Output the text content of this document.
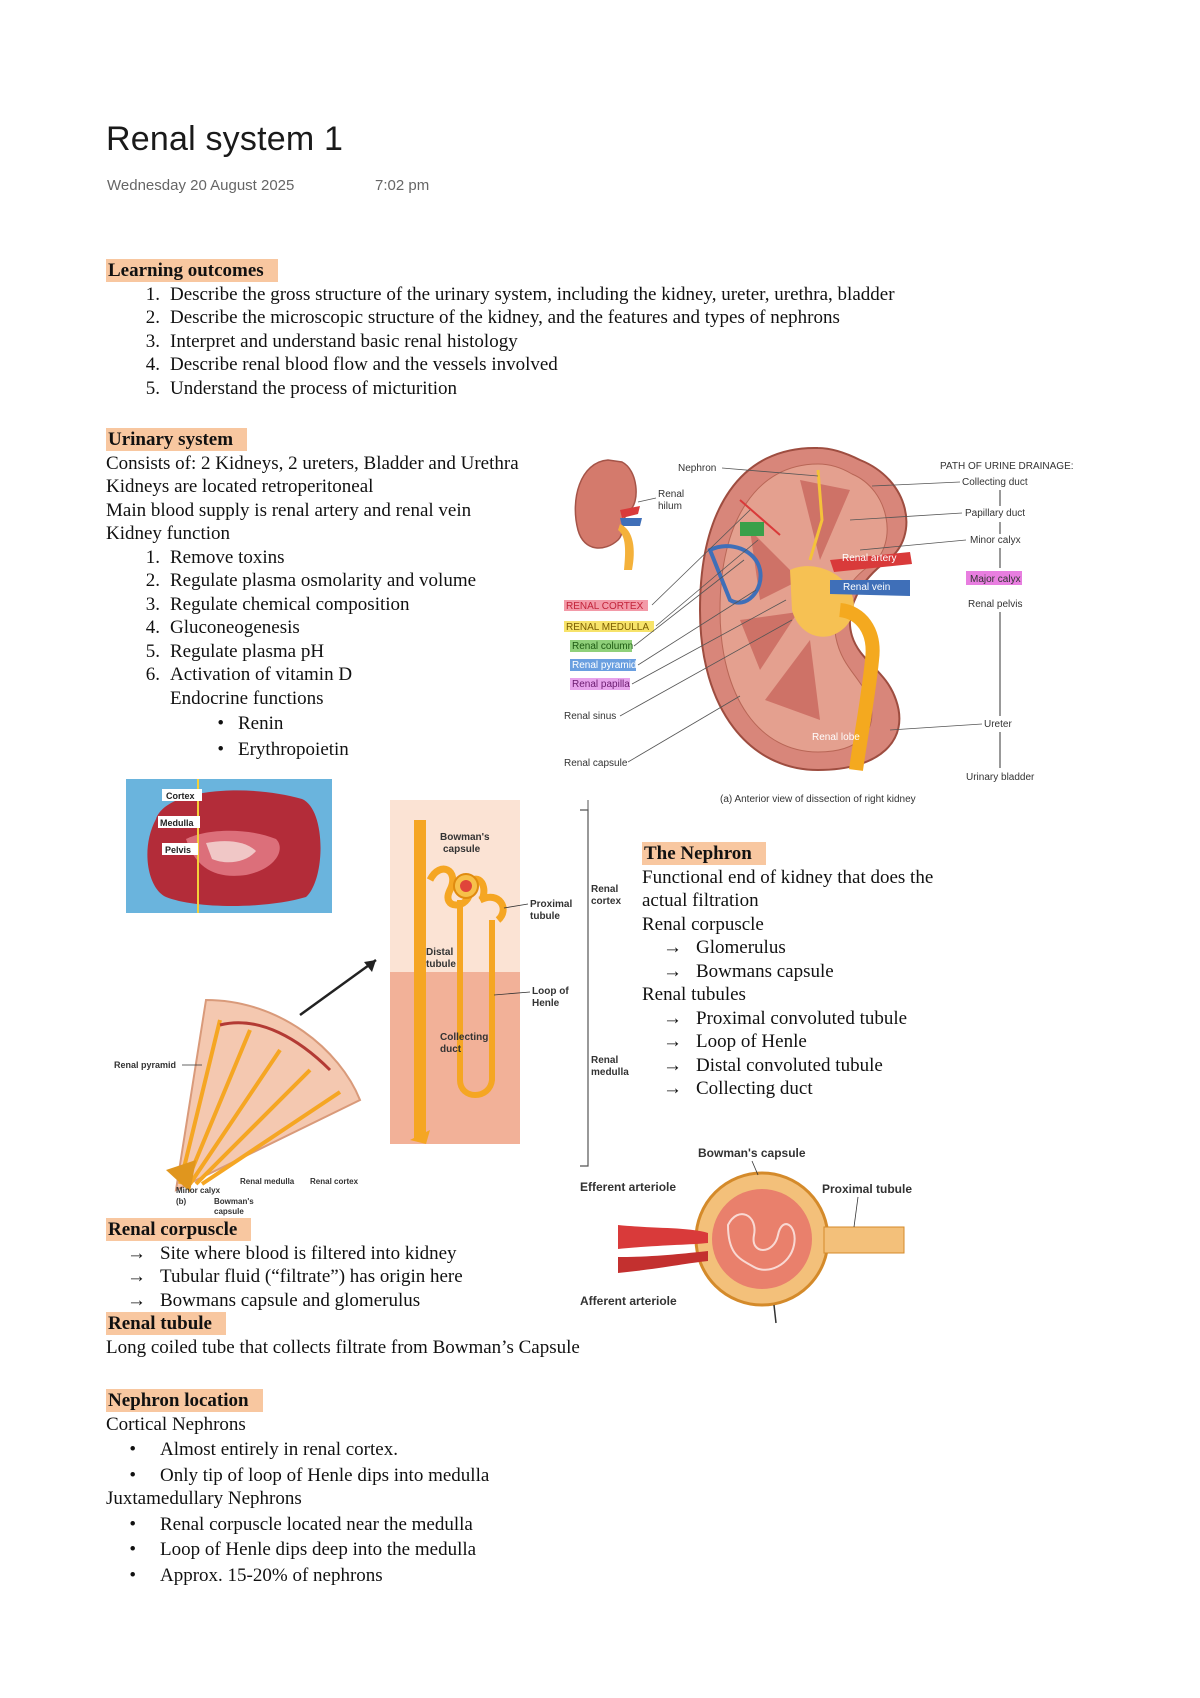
Renal system 1
Wednesday 20 August 2025	7:02 pm
Learning outcomes
1. Describe the gross structure of the urinary system, including the kidney, ureter, urethra, bladder
2. Describe the microscopic structure of the kidney, and the features and types of nephrons
3. Interpret and understand basic renal histology
4. Describe renal blood flow and the vessels involved
5. Understand the process of micturition
Urinary system
Consists of: 2 Kidneys, 2 ureters, Bladder and Urethra
Kidneys are located retroperitoneal
Main blood supply is renal artery and renal vein
Kidney function
1. Remove toxins
2. Regulate plasma osmolarity and volume
3. Regulate chemical composition
4. Gluconeogenesis
5. Regulate plasma pH
6. Activation of vitamin D
Endocrine functions
• Renin
• Erythropoietin
Renal
hilum
Nephron	PATH OF URINE DRAINAGE:
Collecting duct
Papillary duct
Minor calyx
Major calyx
Renal pelvis
Ureter
Urinary bladder
Renal artery
Renal vein
RENAL CORTEX
RENAL MEDULLA
Renal column
Renal pyramid
Renal papilla
Renal sinus
Renal capsule
Renal lobe
(a) Anterior view of dissection of right kidney
Cortex
Medulla
Pelvis
Bowman's
capsule
Proximal
tubule
Distal
tubule
Loop of
Henle
Collecting
duct
Renal
cortex
Renal
medulla
Renal pyramid
Minor calyx
(b)	Bowman's
capsule
Renal medulla Renal cortex
The Nephron
Functional end of kidney that does the
actual filtration
Renal corpuscle
→ Glomerulus
→ Bowmans capsule
Renal tubules
→ Proximal convoluted tubule
→ Loop of Henle
→ Distal convoluted tubule
→ Collecting duct
Bowman's capsule
Efferent arteriole	Proximal tubule
Afferent arteriole
Renal corpuscle
→ Site where blood is filtered into kidney
→ Tubular fluid (“filtrate”) has origin here
→ Bowmans capsule and glomerulus
Renal tubule
Long coiled tube that collects filtrate from Bowman’s Capsule
Nephron location
Cortical Nephrons
• Almost entirely in renal cortex.
• Only tip of loop of Henle dips into medulla
Juxtamedullary Nephrons
• Renal corpuscle located near the medulla
• Loop of Henle dips deep into the medulla
• Approx. 15-20% of nephrons
